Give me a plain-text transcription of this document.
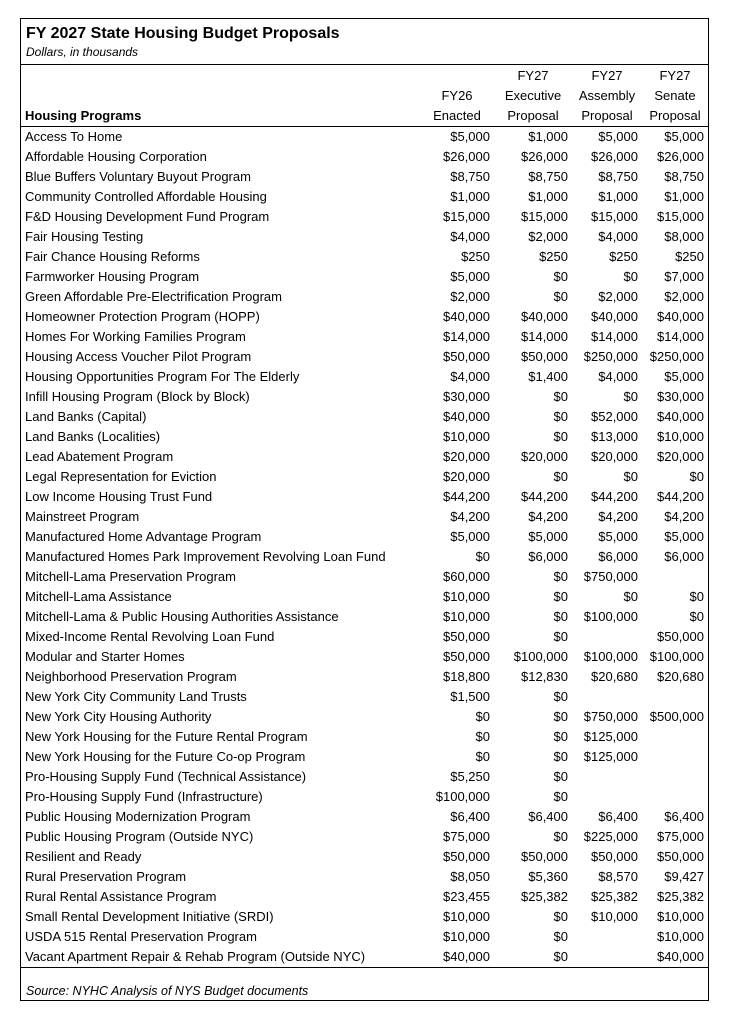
FY 2027 State Housing Budget Proposals
Dollars, in thousands
		FY27	FY27	FY27
	FY26	Executive	Assembly	Senate
Housing Programs	Enacted	Proposal	Proposal	Proposal
Access To Home	$5,000	$1,000	$5,000	$5,000
Affordable Housing Corporation	$26,000	$26,000	$26,000	$26,000
Blue Buffers Voluntary Buyout Program	$8,750	$8,750	$8,750	$8,750
Community Controlled Affordable Housing	$1,000	$1,000	$1,000	$1,000
F&D Housing Development Fund Program	$15,000	$15,000	$15,000	$15,000
Fair Housing Testing	$4,000	$2,000	$4,000	$8,000
Fair Chance Housing Reforms	$250	$250	$250	$250
Farmworker Housing Program	$5,000	$0	$0	$7,000
Green Affordable Pre-Electrification Program	$2,000	$0	$2,000	$2,000
Homeowner Protection Program (HOPP)	$40,000	$40,000	$40,000	$40,000
Homes For Working Families Program	$14,000	$14,000	$14,000	$14,000
Housing Access Voucher Pilot Program	$50,000	$50,000	$250,000	$250,000
Housing Opportunities Program For The Elderly	$4,000	$1,400	$4,000	$5,000
Infill Housing Program (Block by Block)	$30,000	$0	$0	$30,000
Land Banks (Capital)	$40,000	$0	$52,000	$40,000
Land Banks (Localities)	$10,000	$0	$13,000	$10,000
Lead Abatement Program	$20,000	$20,000	$20,000	$20,000
Legal Representation for Eviction	$20,000	$0	$0	$0
Low Income Housing Trust Fund	$44,200	$44,200	$44,200	$44,200
Mainstreet Program	$4,200	$4,200	$4,200	$4,200
Manufactured Home Advantage Program	$5,000	$5,000	$5,000	$5,000
Manufactured Homes Park Improvement Revolving Loan Fund	$0	$6,000	$6,000	$6,000
Mitchell-Lama Preservation Program	$60,000	$0	$750,000	
Mitchell-Lama Assistance	$10,000	$0	$0	$0
Mitchell-Lama & Public Housing Authorities Assistance	$10,000	$0	$100,000	$0
Mixed-Income Rental Revolving Loan Fund	$50,000	$0		$50,000
Modular and Starter Homes	$50,000	$100,000	$100,000	$100,000
Neighborhood Preservation Program	$18,800	$12,830	$20,680	$20,680
New York City Community Land Trusts	$1,500	$0		
New York City Housing Authority	$0	$0	$750,000	$500,000
New York Housing for the Future Rental Program	$0	$0	$125,000	
New York Housing for the Future Co-op Program	$0	$0	$125,000	
Pro-Housing Supply Fund (Technical Assistance)	$5,250	$0		
Pro-Housing Supply Fund (Infrastructure)	$100,000	$0		
Public Housing Modernization Program	$6,400	$6,400	$6,400	$6,400
Public Housing Program (Outside NYC)	$75,000	$0	$225,000	$75,000
Resilient and Ready	$50,000	$50,000	$50,000	$50,000
Rural Preservation Program	$8,050	$5,360	$8,570	$9,427
Rural Rental Assistance Program	$23,455	$25,382	$25,382	$25,382
Small Rental Development Initiative (SRDI)	$10,000	$0	$10,000	$10,000
USDA 515 Rental Preservation Program	$10,000	$0		$10,000
Vacant Apartment Repair & Rehab Program (Outside NYC)	$40,000	$0		$40,000
Source: NYHC Analysis of NYS Budget documents
